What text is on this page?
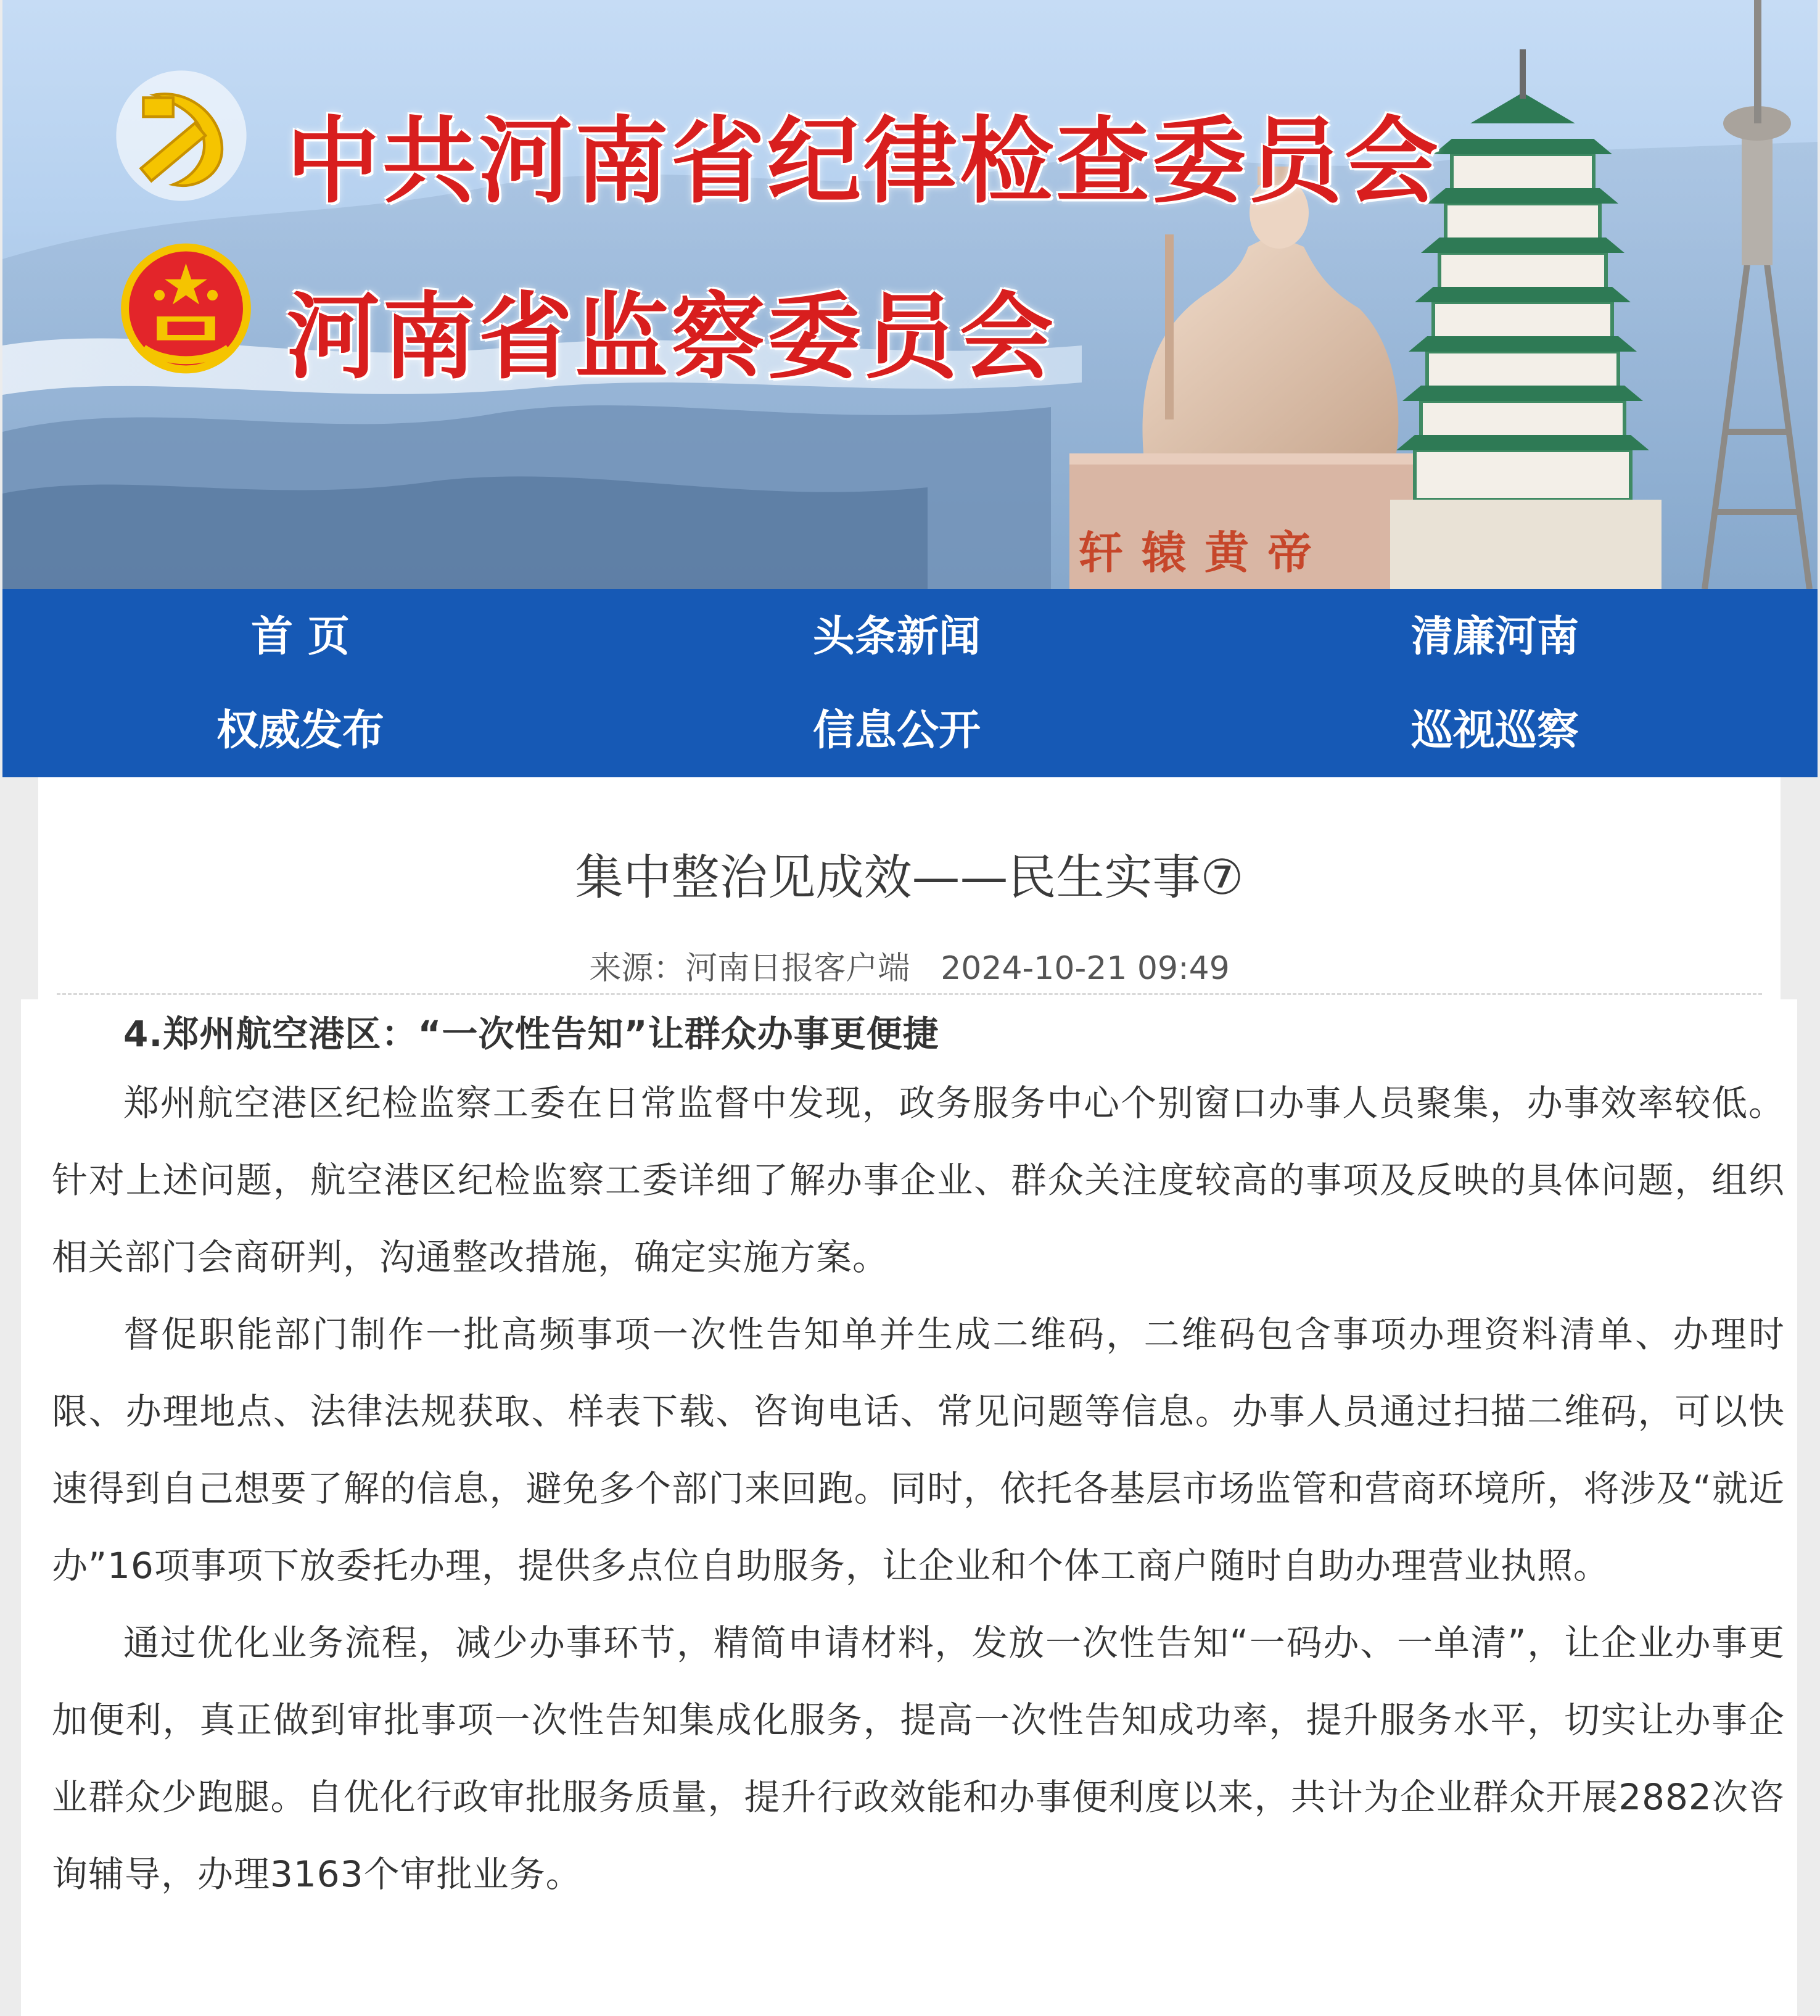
中共河南省纪律检查委员会
河南省监察委员会
轩辕黄帝
首 页	头条新闻	清廉河南
权威发布	信息公开	巡视巡察
集中整治见成效——民生实事⑦
来源：河南日报客户端 2024-10-21 09:49

4.郑州航空港区：“一次性告知”让群众办事更便捷

郑州航空港区纪检监察工委在日常监督中发现，政务服务中心个别窗口办事人员聚集，办事效率较低。针对上述问题，航空港区纪检监察工委详细了解办事企业、群众关注度较高的事项及反映的具体问题，组织相关部门会商研判，沟通整改措施，确定实施方案。

督促职能部门制作一批高频事项一次性告知单并生成二维码，二维码包含事项办理资料清单、办理时限、办理地点、法律法规获取、样表下载、咨询电话、常见问题等信息。办事人员通过扫描二维码，可以快速得到自己想要了解的信息，避免多个部门来回跑。同时，依托各基层市场监管和营商环境所，将涉及“就近办”16项事项下放委托办理，提供多点位自助服务，让企业和个体工商户随时自助办理营业执照。

通过优化业务流程，减少办事环节，精简申请材料，发放一次性告知“一码办、一单清”，让企业办事更加便利，真正做到审批事项一次性告知集成化服务，提高一次性告知成功率，提升服务水平，切实让办事企业群众少跑腿。自优化行政审批服务质量，提升行政效能和办事便利度以来，共计为企业群众开展2882次咨询辅导，办理3163个审批业务。
